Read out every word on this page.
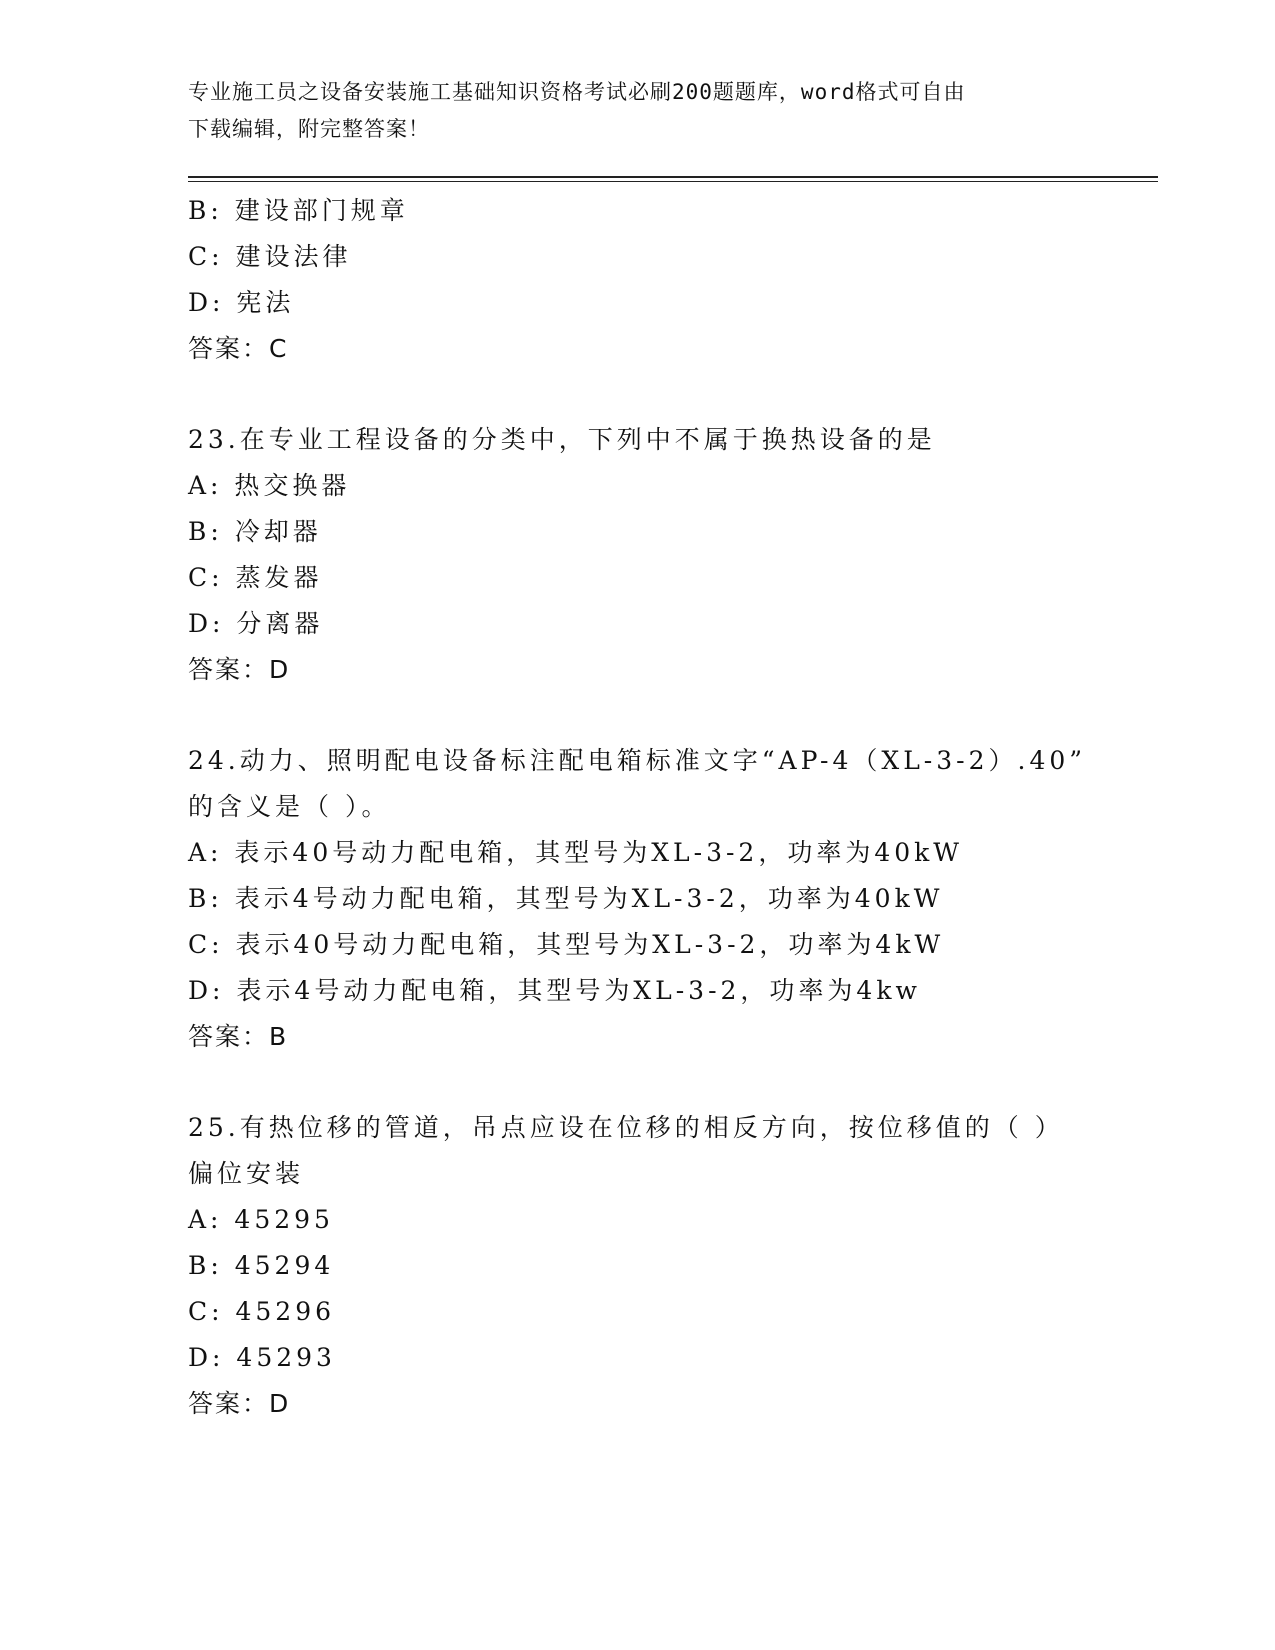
专业施工员之设备安装施工基础知识资格考试必刷200题题库，word格式可自由
下载编辑，附完整答案！
B: 建设部门规章
C: 建设法律
D: 宪法
答案：C
23.在专业工程设备的分类中，下列中不属于换热设备的是
A: 热交换器
B: 冷却器
C: 蒸发器
D: 分离器
答案：D
24.动力、照明配电设备标注配电箱标准文字“AP-4（XL-3-2）.40”
的含义是（ ）。
A: 表示40号动力配电箱，其型号为XL-3-2，功率为40kW
B: 表示4号动力配电箱，其型号为XL-3-2，功率为40kW
C: 表示40号动力配电箱，其型号为XL-3-2，功率为4kW
D: 表示4号动力配电箱，其型号为XL-3-2，功率为4kw
答案：B
25.有热位移的管道，吊点应设在位移的相反方向，按位移值的（ ）
偏位安装
A: 45295
B: 45294
C: 45296
D: 45293
答案：D
